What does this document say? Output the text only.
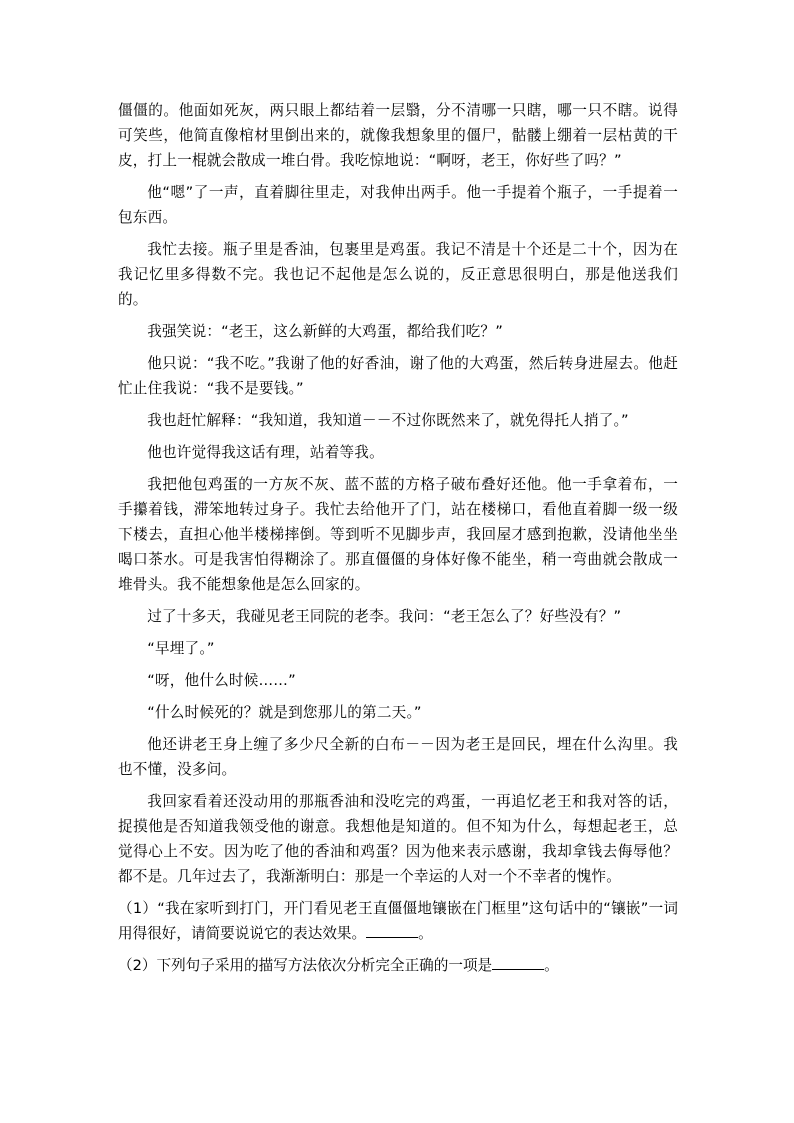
僵僵的。他面如死灰，两只眼上都结着一层翳，分不清哪一只瞎，哪一只不瞎。说得可笑些，他简直像棺材里倒出来的，就像我想象里的僵尸，骷髅上绷着一层枯黄的干皮，打上一棍就会散成一堆白骨。我吃惊地说：“啊呀，老王，你好些了吗？”

他“嗯”了一声，直着脚往里走，对我伸出两手。他一手提着个瓶子，一手提着一包东西。

我忙去接。瓶子里是香油，包裹里是鸡蛋。我记不清是十个还是二十个，因为在我记忆里多得数不完。我也记不起他是怎么说的，反正意思很明白，那是他送我们的。

我强笑说：“老王，这么新鲜的大鸡蛋，都给我们吃？”

他只说：“我不吃。”我谢了他的好香油，谢了他的大鸡蛋，然后转身进屋去。他赶忙止住我说：“我不是要钱。”

我也赶忙解释：“我知道，我知道－－不过你既然来了，就免得托人捎了。”

他也许觉得我这话有理，站着等我。

我把他包鸡蛋的一方灰不灰、蓝不蓝的方格子破布叠好还他。他一手拿着布，一手攥着钱，滞笨地转过身子。我忙去给他开了门，站在楼梯口，看他直着脚一级一级下楼去，直担心他半楼梯摔倒。等到听不见脚步声，我回屋才感到抱歉，没请他坐坐喝口茶水。可是我害怕得糊涂了。那直僵僵的身体好像不能坐，稍一弯曲就会散成一堆骨头。我不能想象他是怎么回家的。

过了十多天，我碰见老王同院的老李。我问：“老王怎么了？好些没有？”

“早埋了。”

“呀，他什么时候……”

“什么时候死的？就是到您那儿的第二天。”

他还讲老王身上缠了多少尺全新的白布－－因为老王是回民，埋在什么沟里。我也不懂，没多问。

我回家看着还没动用的那瓶香油和没吃完的鸡蛋，一再追忆老王和我对答的话，捉摸他是否知道我领受他的谢意。我想他是知道的。但不知为什么，每想起老王，总觉得心上不安。因为吃了他的香油和鸡蛋？因为他来表示感谢，我却拿钱去侮辱他？都不是。几年过去了，我渐渐明白：那是一个幸运的人对一个不幸者的愧怍。

（1）“我在家听到打门，开门看见老王直僵僵地镶嵌在门框里”这句话中的“镶嵌”一词用得很好，请简要说说它的表达效果。	。

（2）下列句子采用的描写方法依次分析完全正确的一项是	。
